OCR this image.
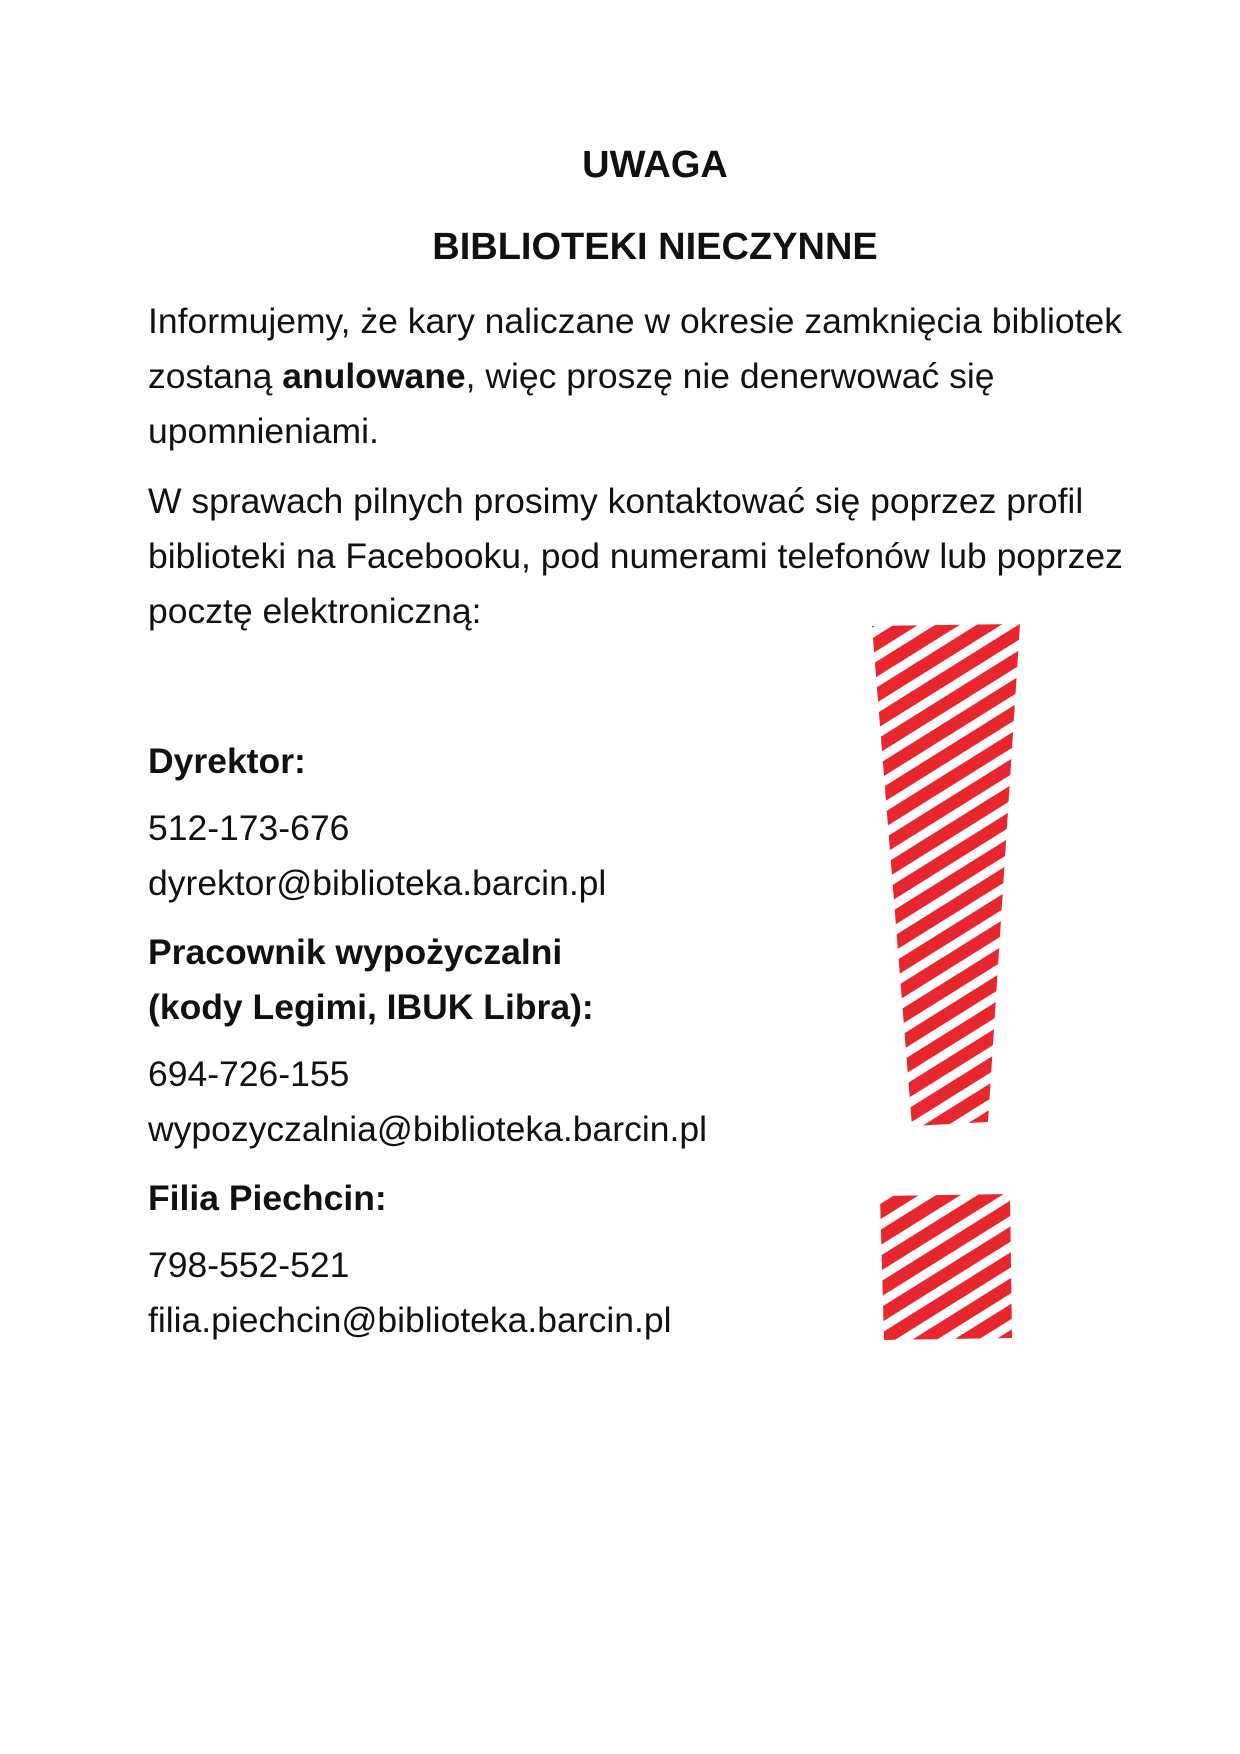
UWAGA
BIBLIOTEKI NIECZYNNE
Informujemy, że kary naliczane w okresie zamknięcia bibliotek zostaną anulowane, więc proszę nie denerwować się upomnieniami.
W sprawach pilnych prosimy kontaktować się poprzez profil biblioteki na Facebooku, pod numerami telefonów lub poprzez pocztę elektroniczną:

Dyrektor:

512-173-676

dyrektor@biblioteka.barcin.pl

Pracownik wypożyczalni

(kody Legimi, IBUK Libra):

694-726-155

wypozyczalnia@biblioteka.barcin.pl

Filia Piechcin:

798-552-521

filia.piechcin@biblioteka.barcin.pl
